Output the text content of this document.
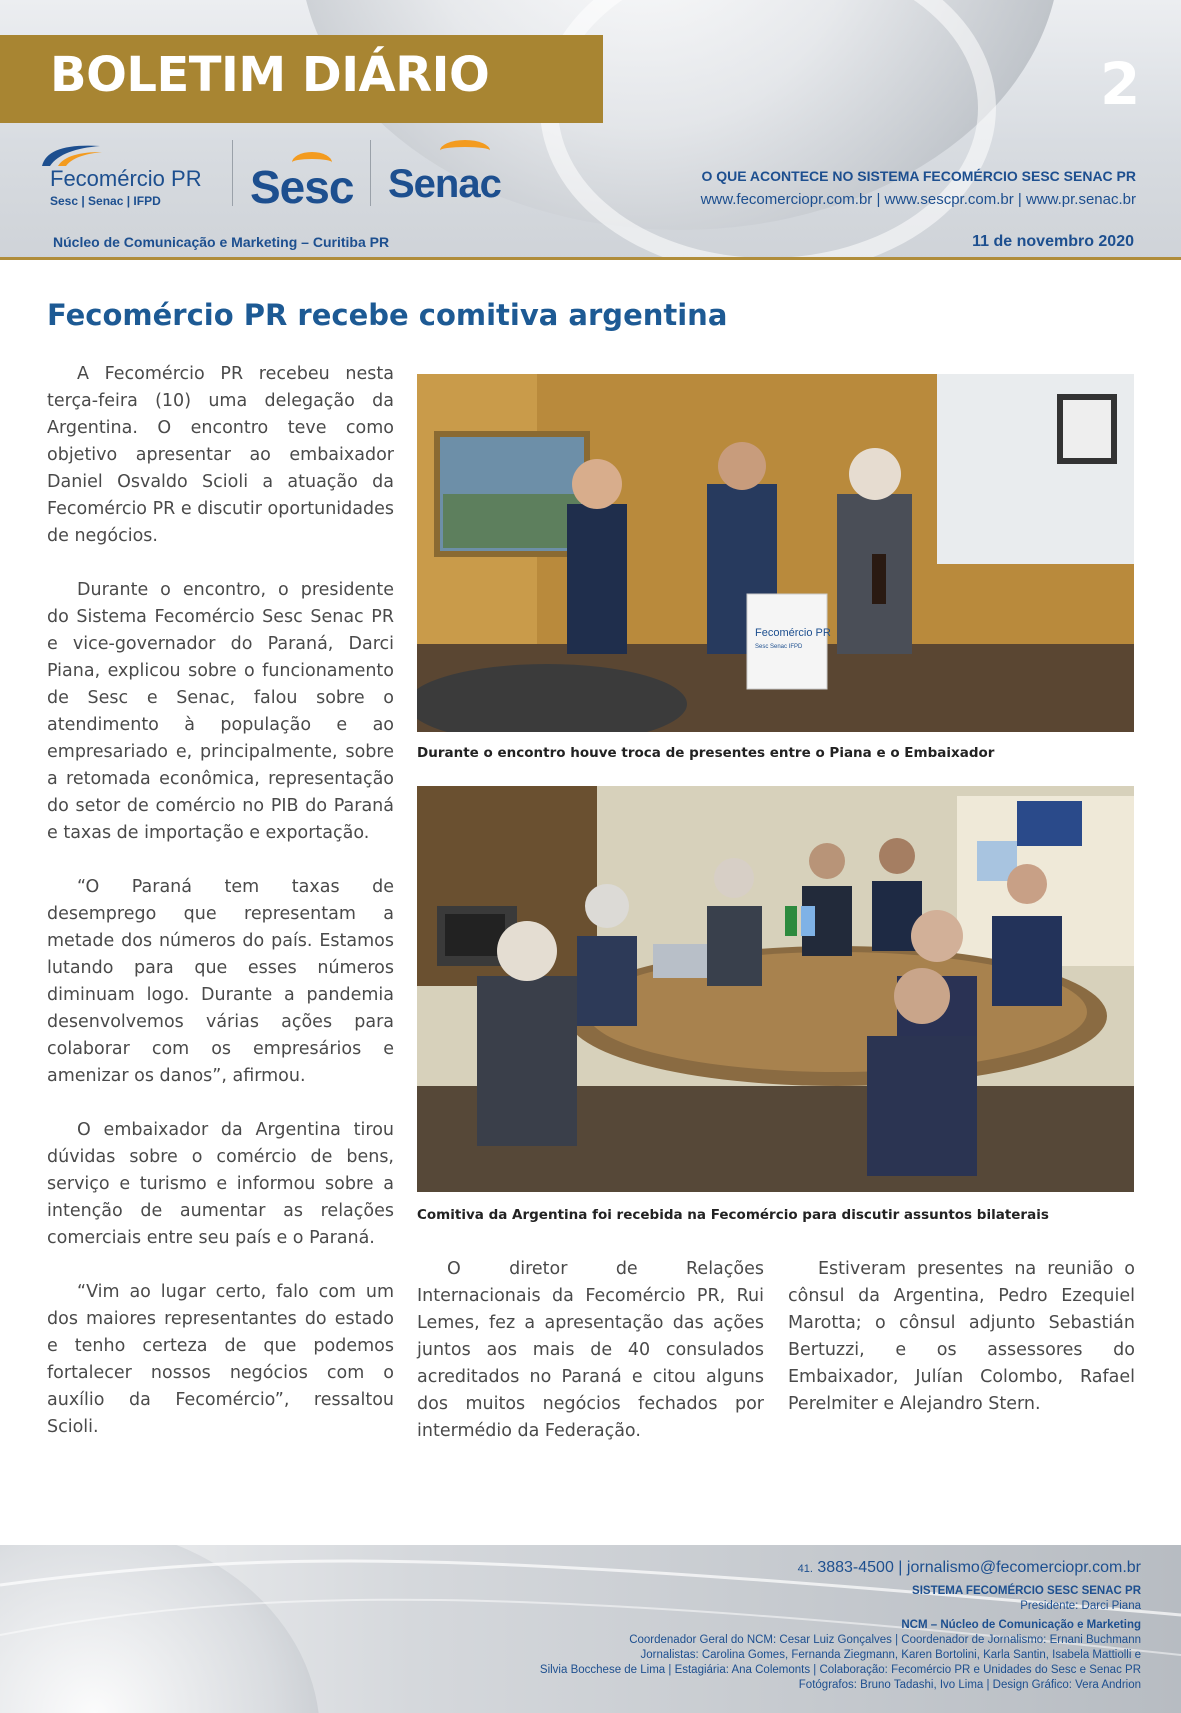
BOLETIM DIÁRIO	2
Fecomércio PR
Sesc | Senac | IFPD Sesc Senac	O QUE ACONTECE NO SISTEMA FECOMÉRCIO SESC SENAC PR
www.fecomerciopr.com.br | www.sescpr.com.br | www.pr.senac.br
Núcleo de Comunicação e Marketing – Curitiba PR	11 de novembro 2020
Fecomércio PR recebe comitiva argentina

A Fecomércio PR recebeu nesta terça-feira (10) uma delegação da Argentina. O encontro teve como objetivo apresentar ao embaixador Daniel Osvaldo Scioli a atuação da Fecomércio PR e discutir oportunidades de negócios.

Durante o encontro, o presidente do Sistema Fecomércio Sesc Senac PR e vice-governador do Paraná, Darci Piana, explicou sobre o funcionamento de Sesc e Senac, falou sobre o atendimento à população e ao empresariado e, principalmente, sobre a retomada econômica, representação do setor de comércio no PIB do Paraná e taxas de importação e exportação.

“O Paraná tem taxas de desemprego que representam a metade dos números do país. Estamos lutando para que esses números diminuam logo. Durante a pandemia desenvolvemos várias ações para colaborar com os empresários e amenizar os danos”, afirmou.

O embaixador da Argentina tirou dúvidas sobre o comércio de bens, serviço e turismo e informou sobre a intenção de aumentar as relações comerciais entre seu país e o Paraná.

“Vim ao lugar certo, falo com um dos maiores representantes do estado e tenho certeza de que podemos fortalecer nossos negócios com o auxílio da Fecomércio”, ressaltou Scioli.

Fecomércio PR
Sesc Senac IFPD
Durante o encontro houve troca de presentes entre o Piana e o Embaixador
Comitiva da Argentina foi recebida na Fecomércio para discutir assuntos bilaterais

O diretor de Relações Internacionais da Fecomércio PR, Rui Lemes, fez a apresentação das ações juntos aos mais de 40 consulados acreditados no Paraná e citou alguns dos muitos negócios fechados por intermédio da Federação.

Estiveram presentes na reunião o cônsul da Argentina, Pedro Ezequiel Marotta; o cônsul adjunto Sebastián Bertuzzi, e os assessores do Embaixador, Julían Colombo, Rafael Perelmiter e Alejandro Stern.

41. 3883-4500 | jornalismo@fecomerciopr.com.br
SISTEMA FECOMÉRCIO SESC SENAC PR
Presidente: Darci Piana
NCM – Núcleo de Comunicação e Marketing
Coordenador Geral do NCM: Cesar Luiz Gonçalves | Coordenador de Jornalismo: Ernani Buchmann
Jornalistas: Carolina Gomes, Fernanda Ziegmann, Karen Bortolini, Karla Santin, Isabela Mattiolli e
Silvia Bocchese de Lima | Estagiária: Ana Colemonts | Colaboração: Fecomércio PR e Unidades do Sesc e Senac PR
Fotógrafos: Bruno Tadashi, Ivo Lima | Design Gráfico: Vera Andrion
